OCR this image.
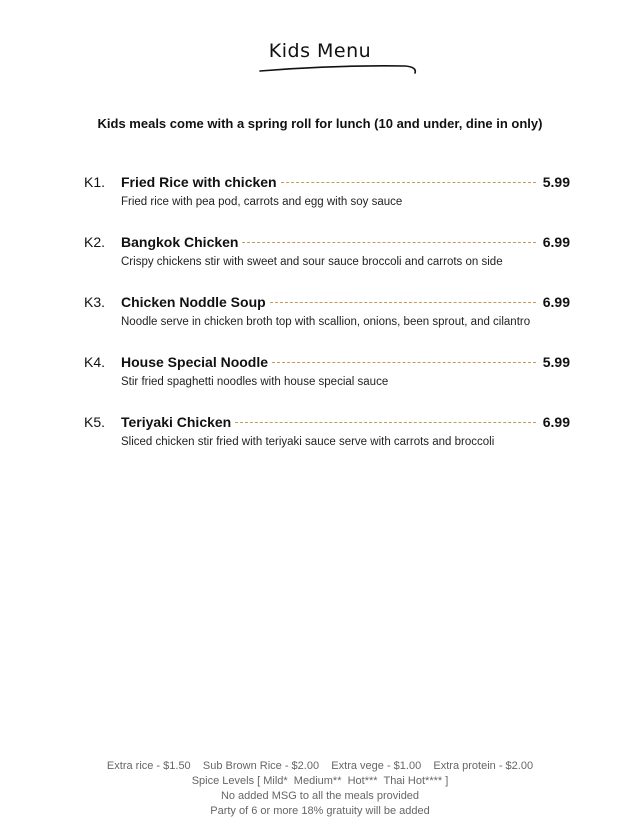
Kids Menu
Kids meals come with a spring roll for lunch (10 and under, dine in only)
K1.	Fried Rice with chicken	5.99
Fried rice with pea pod, carrots and egg with soy sauce
K2.	Bangkok Chicken	6.99
Crispy chickens stir with sweet and sour sauce broccoli and carrots on side
K3.	Chicken Noddle Soup	6.99
Noodle serve in chicken broth top with scallion, onions, been sprout, and cilantro
K4.	House Special Noodle	5.99
Stir fried spaghetti noodles with house special sauce
K5.	Teriyaki Chicken	6.99
Sliced chicken stir fried with teriyaki sauce serve with carrots and broccoli
Extra rice - $1.50    Sub Brown Rice - $2.00    Extra vege - $1.00    Extra protein - $2.00
Spice Levels [ Mild*  Medium**  Hot***  Thai Hot**** ]
No added MSG to all the meals provided
Party of 6 or more 18% gratuity will be added
